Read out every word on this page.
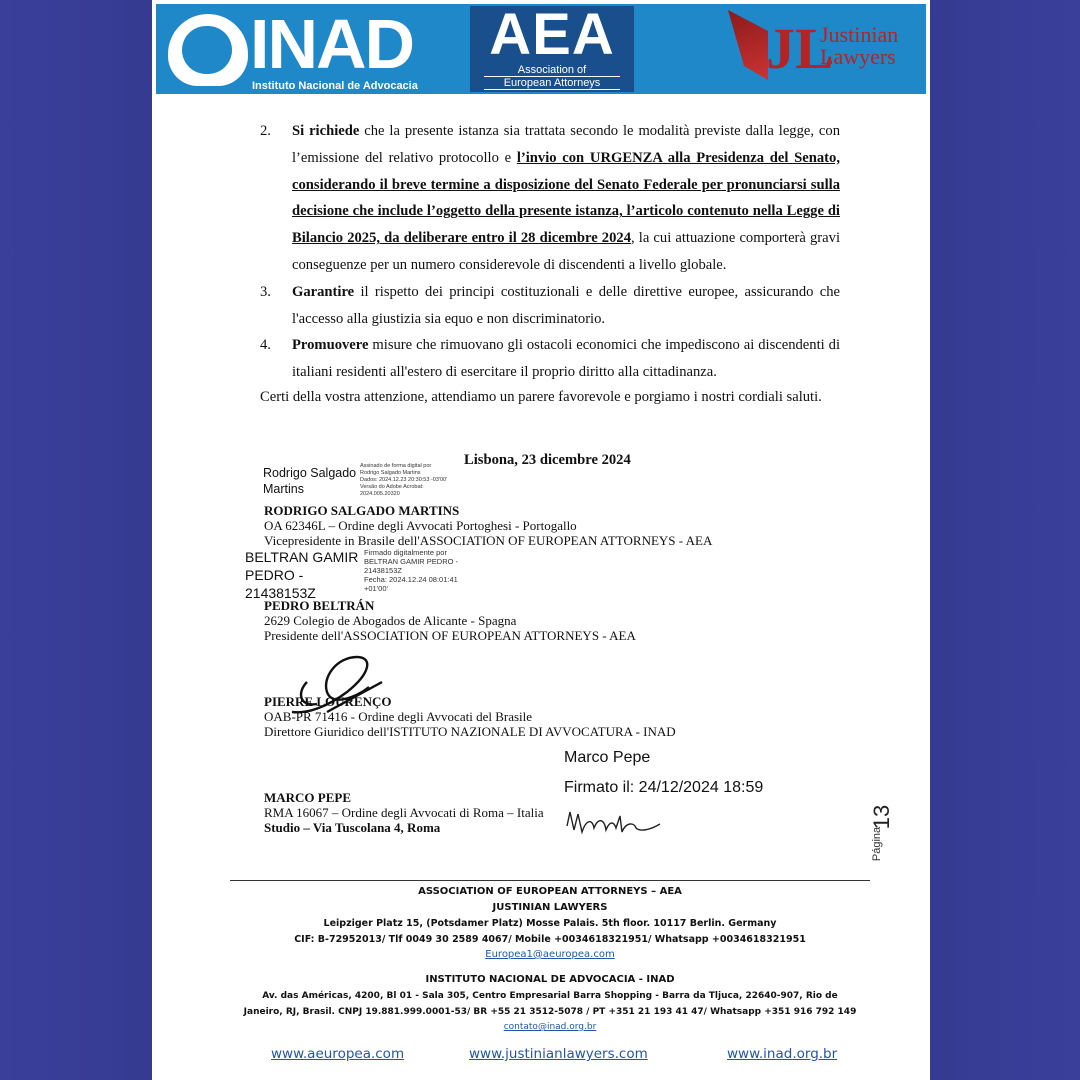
INAD
Instituto Nacional de Advocacia
AEA
Association of
European Attorneys
JL
Justinian
Lawyers
2. Si richiede che la presente istanza sia trattata secondo le modalità previste dalla legge, con l’emissione del relativo protocollo e l’invio con URGENZA alla Presidenza del Senato, considerando il breve termine a disposizione del Senato Federale per pronunciarsi sulla decisione che include l’oggetto della presente istanza, l’articolo contenuto nella Legge di Bilancio 2025, da deliberare entro il 28 dicembre 2024, la cui attuazione comporterà gravi conseguenze per un numero considerevole di discendenti a livello globale.
3. Garantire il rispetto dei principi costituzionali e delle direttive europee, assicurando che l'accesso alla giustizia sia equo e non discriminatorio.
4. Promuovere misure che rimuovano gli ostacoli economici che impediscono ai discendenti di italiani residenti all'estero di esercitare il proprio diritto alla cittadinanza.
Certi della vostra attenzione, attendiamo un parere favorevole e porgiamo i nostri cordiali saluti.
Lisbona, 23 dicembre 2024
Rodrigo Salgado
Martins
Assinado de forma digital por
Rodrigo Salgado Martins
Dados: 2024.12.23 20:30:53 -03'00'
Versão do Adobe Acrobat:
2024.005.20320
RODRIGO SALGADO MARTINS
OA 62346L – Ordine degli Avvocati Portoghesi - Portogallo
Vicepresidente in Brasile dell'ASSOCIATION OF EUROPEAN ATTORNEYS - AEA
BELTRAN GAMIR
PEDRO -
21438153Z
Firmado digitalmente por
BELTRAN GAMIR PEDRO -
21438153Z
Fecha: 2024.12.24 08:01:41
+01'00'
PEDRO BELTRÁN
2629 Colegio de Abogados de Alicante - Spagna
Presidente dell'ASSOCIATION OF EUROPEAN ATTORNEYS - AEA
PIERRE LOURENÇO
OAB-PR 71416 - Ordine degli Avvocati del Brasile
Direttore Giuridico dell'ISTITUTO NAZIONALE DI AVVOCATURA - INAD
Marco Pepe
Firmato il: 24/12/2024 18:59
MARCO PEPE
RMA 16067 – Ordine degli Avvocati di Roma – Italia
Studio – Via Tuscolana 4, Roma	13
Página
ASSOCIATION OF EUROPEAN ATTORNEYS – AEA
JUSTINIAN LAWYERS
Leipziger Platz 15, (Potsdamer Platz) Mosse Palais. 5th floor. 10117 Berlin. Germany
CIF: B-72952013/ Tlf 0049 30 2589 4067/ Mobile +0034618321951/ Whatsapp +0034618321951
Europea1@aeuropea.com
INSTITUTO NACIONAL DE ADVOCACIA - INAD
Av. das Américas, 4200, Bl 01 - Sala 305, Centro Empresarial Barra Shopping - Barra da Tljuca, 22640-907, Rio de
Janeiro, RJ, Brasil. CNPJ 19.881.999.0001-53/ BR +55 21 3512-5078 / PT +351 21 193 41 47/ Whatsapp +351 916 792 149
contato@inad.org.br
www.aeuropea.com	www.justinianlawyers.com	www.inad.org.br
